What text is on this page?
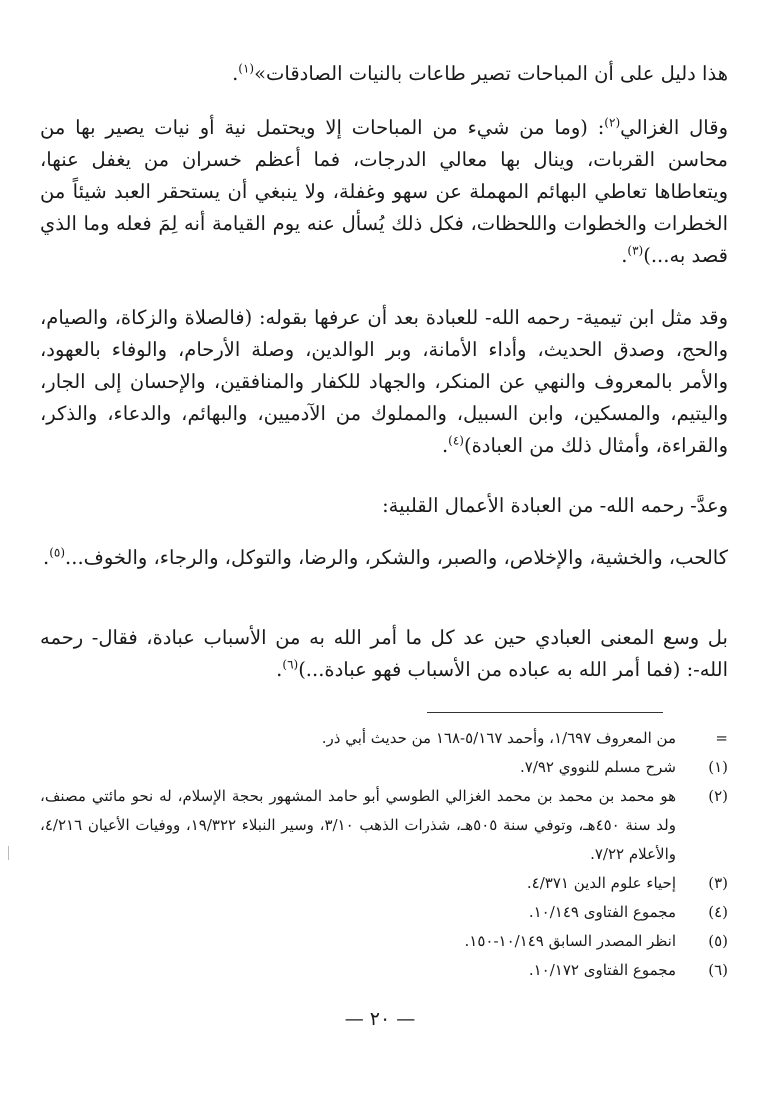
هذا دليل على أن المباحات تصير طاعات بالنيات الصادقات»$^{(١)}$.

وقال الغزالي$^{(٢)}$: (وما من شيء من المباحات إلا ويحتمل نية أو نيات يصير بها من محاسن القربات، وينال بها معالي الدرجات، فما أعظم خسران من يغفل عنها، ويتعاطاها تعاطي البهائم المهملة عن سهو وغفلة، ولا ينبغي أن يستحقر العبد شيئاً من الخطرات والخطوات واللحظات، فكل ذلك يُسأل عنه يوم القيامة أنه لِمَ فعله وما الذي قصد به...)$^{(٣)}$.

وقد مثل ابن تيمية- رحمه الله- للعبادة بعد أن عرفها بقوله: (فالصلاة والزكاة، والصيام، والحج، وصدق الحديث، وأداء الأمانة، وبر الوالدين، وصلة الأرحام، والوفاء بالعهود، والأمر بالمعروف والنهي عن المنكر، والجهاد للكفار والمنافقين، والإحسان إلى الجار، واليتيم، والمسكين، وابن السبيل، والمملوك من الآدميين، والبهائم، والدعاء، والذكر، والقراءة، وأمثال ذلك من العبادة)$^{(٤)}$.

وعدَّ- رحمه الله- من العبادة الأعمال القلبية:

كالحب، والخشية، والإخلاص، والصبر، والشكر، والرضا، والتوكل، والرجاء، والخوف...$^{(٥)}$.

بل وسع المعنى العبادي حين عد كل ما أمر الله به من الأسباب عبادة، فقال- رحمه الله-: (فما أمر الله به عباده من الأسباب فهو عبادة...)$^{(٦)}$.

=
من المعروف ١/٦٩٧، وأحمد ٥/١٦٧-١٦٨ من حديث أبي ذر.
(١)
شرح مسلم للنووي ٧/٩٢.
(٢)
هو محمد بن محمد بن محمد الغزالي الطوسي أبو حامد المشهور بحجة الإسلام، له نحو مائتي مصنف، ولد سنة ٤٥٠هـ، وتوفي سنة ٥٠٥هـ، شذرات الذهب ٣/١٠، وسير النبلاء ١٩/٣٢٢، ووفيات الأعيان ٤/٢١٦، والأعلام ٧/٢٢.
(٣)
إحياء علوم الدين ٤/٣٧١.
(٤)
مجموع الفتاوى ١٠/١٤٩.
(٥)
انظر المصدر السابق ١٠/١٤٩-١٥٠.
(٦)
مجموع الفتاوى ١٠/١٧٢.
— ٢٠ —
